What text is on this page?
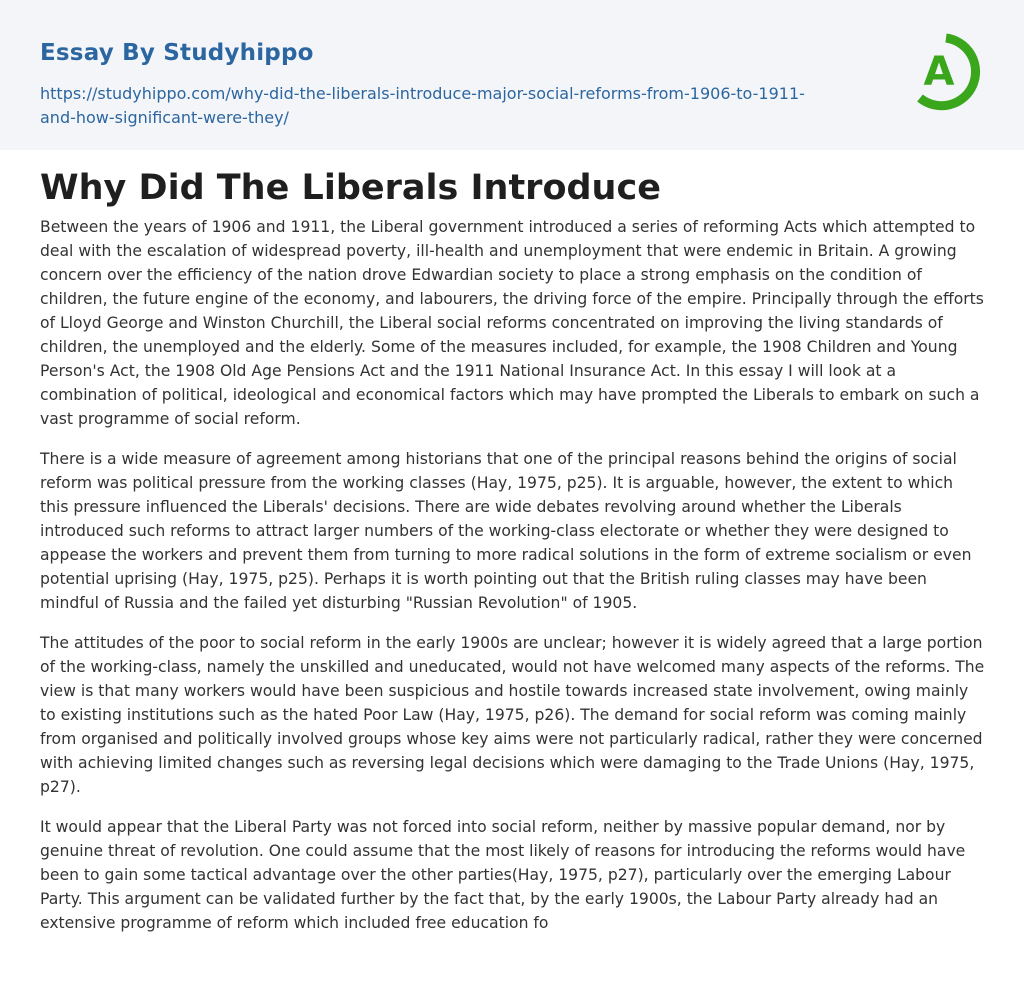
Essay By Studyhippo
https://studyhippo.com/why-did-the-liberals-introduce-major-social-reforms-from-1906-to-1911-
and-how-significant-were-they/
A
Why Did The Liberals Introduce

Between the years of 1906 and 1911, the Liberal government introduced a series of reforming Acts which attempted to deal with the escalation of widespread poverty, ill-health and unemployment that were endemic in Britain. A growing concern over the efficiency of the nation drove Edwardian society to place a strong emphasis on the condition of children, the future engine of the economy, and labourers, the driving force of the empire. Principally through the efforts of Lloyd George and Winston Churchill, the Liberal social reforms concentrated on improving the living standards of children, the unemployed and the elderly. Some of the measures included, for example, the 1908 Children and Young Person's Act, the 1908 Old Age Pensions Act and the 1911 National Insurance Act. In this essay I will look at a combination of political, ideological and economical factors which may have prompted the Liberals to embark on such a vast programme of social reform.

There is a wide measure of agreement among historians that one of the principal reasons behind the origins of social reform was political pressure from the working classes (Hay, 1975, p25). It is arguable, however, the extent to which this pressure influenced the Liberals' decisions. There are wide debates revolving around whether the Liberals introduced such reforms to attract larger numbers of the working-class electorate or whether they were designed to appease the workers and prevent them from turning to more radical solutions in the form of extreme socialism or even potential uprising (Hay, 1975, p25). Perhaps it is worth pointing out that the British ruling classes may have been mindful of Russia and the failed yet disturbing "Russian Revolution" of 1905.

The attitudes of the poor to social reform in the early 1900s are unclear; however it is widely agreed that a large portion of the working-class, namely the unskilled and uneducated, would not have welcomed many aspects of the reforms. The view is that many workers would have been suspicious and hostile towards increased state involvement, owing mainly to existing institutions such as the hated Poor Law (Hay, 1975, p26). The demand for social reform was coming mainly from organised and politically involved groups whose key aims were not particularly radical, rather they were concerned with achieving limited changes such as reversing legal decisions which were damaging to the Trade Unions (Hay, 1975, p27).

It would appear that the Liberal Party was not forced into social reform, neither by massive popular demand, nor by genuine threat of revolution. One could assume that the most likely of reasons for introducing the reforms would have been to gain some tactical advantage over the other parties(Hay, 1975, p27), particularly over the emerging Labour Party. This argument can be validated further by the fact that, by the early 1900s, the Labour Party already had an extensive programme of reform which included free education fo
